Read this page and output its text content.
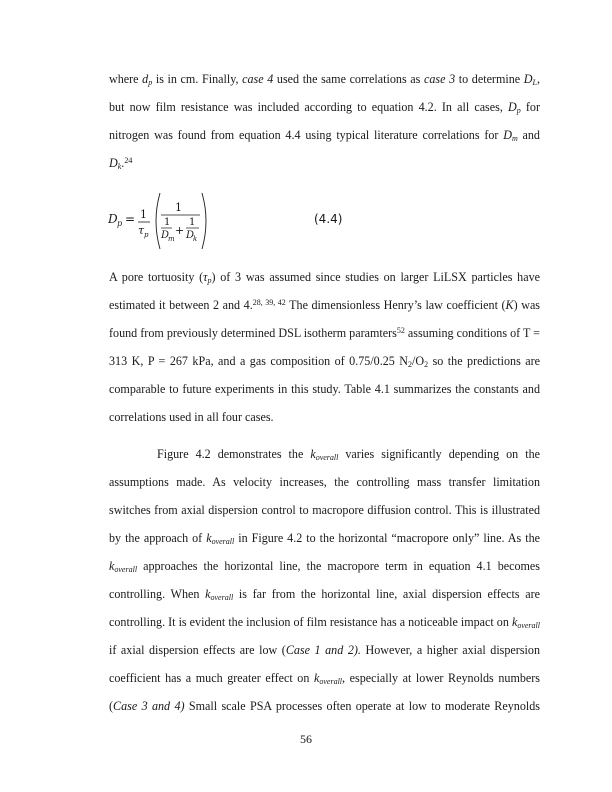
where $d_p$ is in cm. Finally, case 4 used the same correlations as case 3 to determine $D_L$,
but now film resistance was included according to equation 4.2. In all cases, $D_p$ for
nitrogen was found from equation 4.4 using typical literature correlations for $D_m$ and
$D_k.^{24}$
D p = 1
τ p
1
1
D
m
+
1
D
k
(4.4)
A pore tortuosity $(\tau_p)$ of 3 was assumed since studies on larger LiLSX particles have
estimated it between 2 and 4.$^{28, 39, 42}$ The dimensionless Henry’s law coefficient (K) was
found from previously determined DSL isotherm paramters$^{52}$ assuming conditions of T =
313 K, P = 267 kPa, and a gas composition of 0.75/0.25 $N_2/O_2$ so the predictions are
comparable to future experiments in this study. Table 4.1 summarizes the constants and
correlations used in all four cases.
Figure 4.2 demonstrates the $k_{overall}$ varies significantly depending on the
assumptions made. As velocity increases, the controlling mass transfer limitation
switches from axial dispersion control to macropore diffusion control. This is illustrated
by the approach of $k_{overall}$ in Figure 4.2 to the horizontal “macropore only” line. As the
$k_{overall}$ approaches the horizontal line, the macropore term in equation 4.1 becomes
controlling. When $k_{overall}$ is far from the horizontal line, axial dispersion effects are
controlling. It is evident the inclusion of film resistance has a noticeable impact on $k_{overall}$
if axial dispersion effects are low (Case 1 and 2). However, a higher axial dispersion
coefficient has a much greater effect on $k_{overall}$, especially at lower Reynolds numbers
(Case 3 and 4) Small scale PSA processes often operate at low to moderate Reynolds
56
